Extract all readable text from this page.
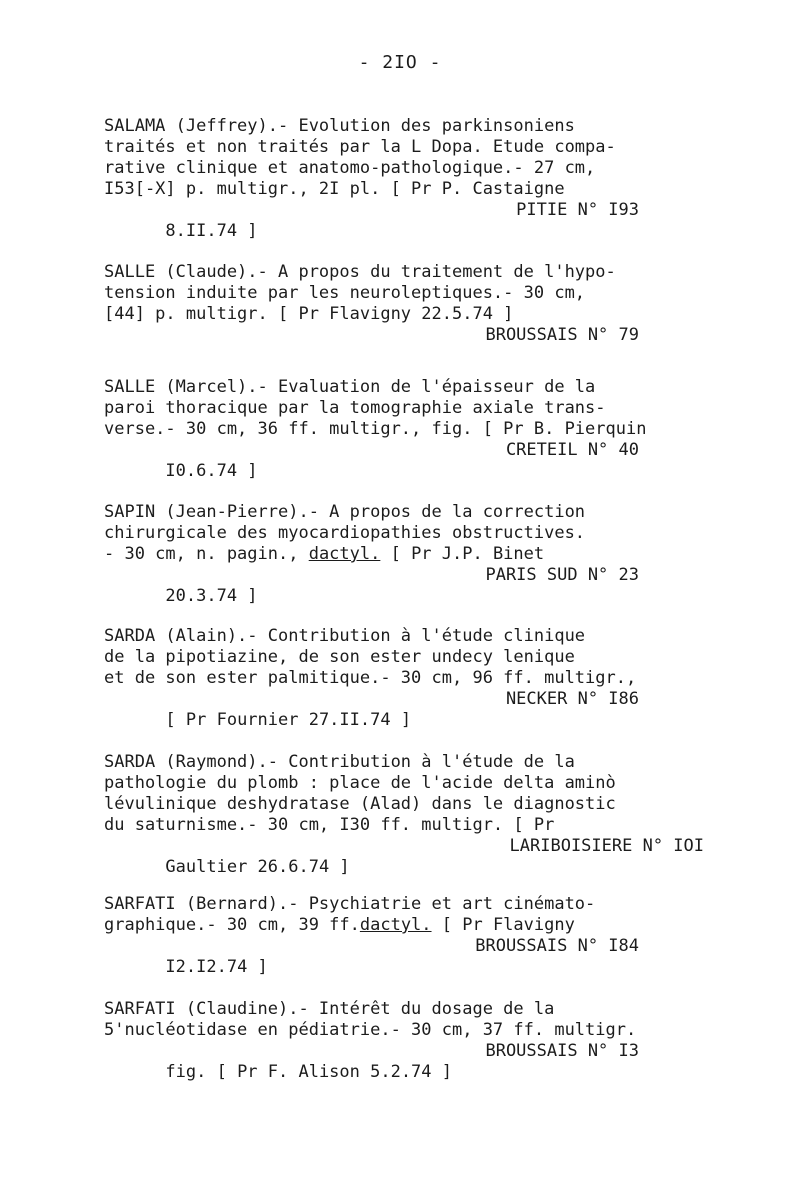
- 2IO -
SALAMA (Jeffrey).- Evolution des parkinsoniens
traités et non traités par la L Dopa. Etude compa-
rative clinique et anatomo-pathologique.- 27 cm,
I53[-X] p. multigr., 2I pl. [ Pr P. Castaigne

8.II.74 ]

PITIE N° I93

SALLE (Claude).- A propos du traitement de l'hypo-
tension induite par les neuroleptiques.- 30 cm,
[44] p. multigr. [ Pr Flavigny 22.5.74 ]
BROUSSAIS N° 79
SALLE (Marcel).- Evaluation de l'épaisseur de la
paroi thoracique par la tomographie axiale trans-
verse.- 30 cm, 36 ff. multigr., fig. [ Pr B. Pierquin

I0.6.74 ]

CRETEIL N° 40

SAPIN (Jean-Pierre).- A propos de la correction
chirurgicale des myocardiopathies obstructives.
- 30 cm, n. pagin., dactyl. [ Pr J.P. Binet

20.3.74 ]

PARIS SUD N° 23

SARDA (Alain).- Contribution à l'étude clinique
de la pipotiazine, de son ester undecy lenique
et de son ester palmitique.- 30 cm, 96 ff. multigr.,

[ Pr Fournier 27.II.74 ]

NECKER N° I86

SARDA (Raymond).- Contribution à l'étude de la
pathologie du plomb : place de l'acide delta aminò
lévulinique deshydratase (Alad) dans le diagnostic
du saturnisme.- 30 cm, I30 ff. multigr. [ Pr

Gaultier 26.6.74 ]

LARIBOISIERE N° IOI

SARFATI (Bernard).- Psychiatrie et art cinémato-
graphique.- 30 cm, 39 ff.dactyl. [ Pr Flavigny

I2.I2.74 ]

BROUSSAIS N° I84

SARFATI (Claudine).- Intérêt du dosage de la
5'nucléotidase en pédiatrie.- 30 cm, 37 ff. multigr.

fig. [ Pr F. Alison 5.2.74 ]

BROUSSAIS N° I3
